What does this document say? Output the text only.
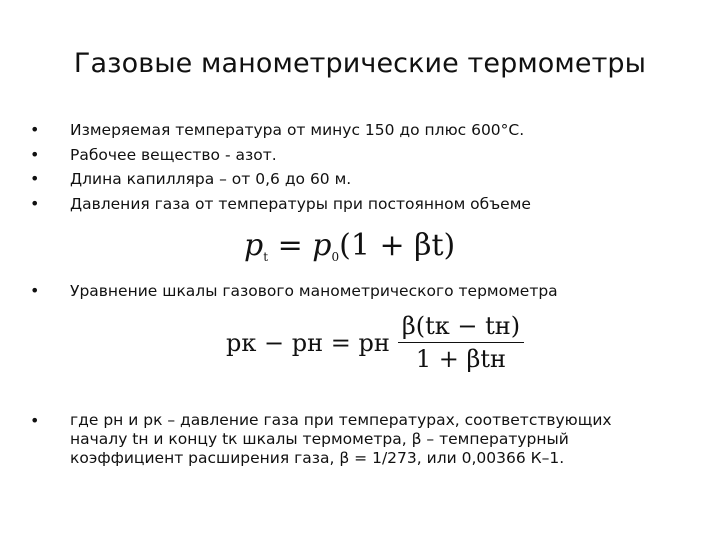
Газовые манометрические термометры
• Измеряемая температура от минус 150 до плюс 600°С.
• Рабочее вещество - азот.
• Длина капилляра – от 0,6 до 60 м.
• Давления газа от температуры при постоянном объеме
$p_t = p_0(1 + \beta t)$
• Уравнение шкалы газового манометрического термометра
pк − pн = pн $\frac{\beta(tк - tн)}{\text{1 + βtн}}$
• где pн и pк – давление газа при температурах, соответствующих
началу tн и концу tк шкалы термометра, β – температурный
коэффициент расширения газа, β = 1/273, или 0,00366 К–1.
